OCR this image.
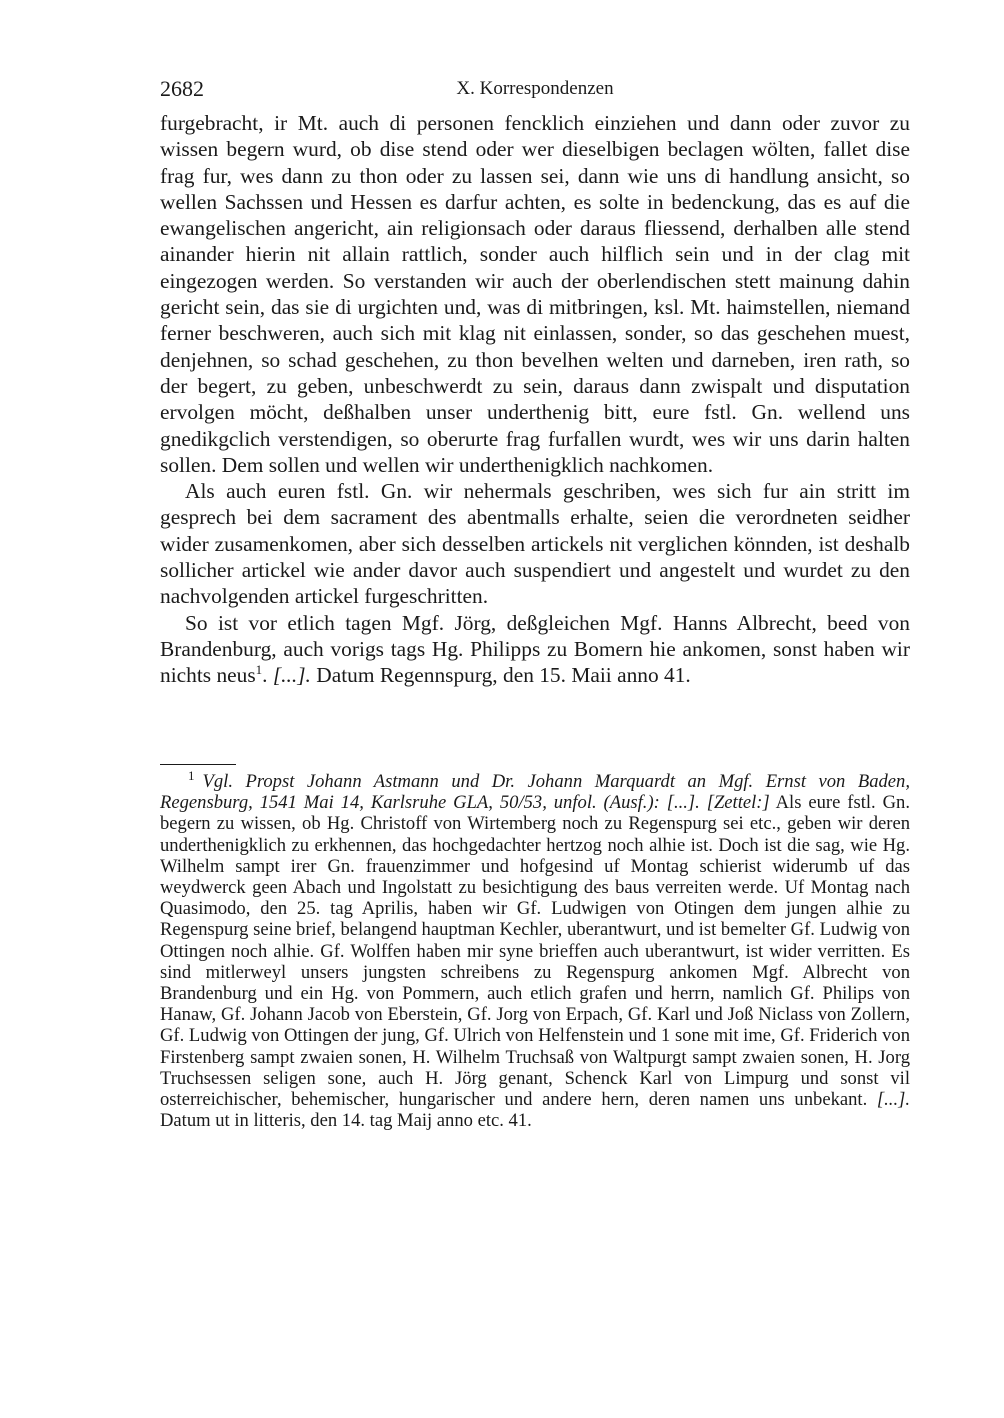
2682	X. Korrespondenzen

furgebracht, ir Mt. auch di personen fencklich einziehen und dann oder zuvor zu wissen begern wurd, ob dise stend oder wer dieselbigen beclagen wölten, fallet dise frag fur, wes dann zu thon oder zu lassen sei, dann wie uns di handlung ansicht, so wellen Sachssen und Hessen es darfur achten, es solte in bedenckung, das es auf die ewangelischen angericht, ain religionsach oder daraus fliessend, derhalben alle stend ainander hierin nit allain rattlich, sonder auch hilflich sein und in der clag mit eingezogen werden. So verstanden wir auch der oberlendischen stett mainung dahin gericht sein, das sie di urgichten und, was di mitbringen, ksl. Mt. haimstellen, niemand ferner beschweren, auch sich mit klag nit einlassen, sonder, so das geschehen muest, denjehnen, so schad geschehen, zu thon bevelhen welten und darneben, iren rath, so der begert, zu geben, unbeschwerdt zu sein, daraus dann zwispalt und disputation ervolgen möcht, deßhalben unser underthenig bitt, eure fstl. Gn. wellend uns gnedikgclich verstendigen, so oberurte frag furfallen wurdt, wes wir uns darin halten sollen. Dem sollen und wellen wir underthenigklich nachkomen.

Als auch euren fstl. Gn. wir nehermals geschriben, wes sich fur ain stritt im gesprech bei dem sacrament des abentmalls erhalte, seien die verordneten seidher wider zusamenkomen, aber sich desselben artickels nit verglichen könnden, ist deshalb sollicher artickel wie ander davor auch suspendiert und angestelt und wurdet zu den nachvolgenden artickel furgeschritten.

So ist vor etlich tagen Mgf. Jörg, deßgleichen Mgf. Hanns Albrecht, beed von Brandenburg, auch vorigs tags Hg. Philipps zu Bomern hie ankomen, sonst haben wir nichts neus$^1$. [...]. Datum Regennspurg, den 15. Maii anno 41.

$^1$ Vgl. Propst Johann Astmann und Dr. Johann Marquardt an Mgf. Ernst von Baden, Regensburg, 1541 Mai 14, Karlsruhe GLA, 50/53, unfol. (Ausf.): [...]. [Zettel:] Als eure fstl. Gn. begern zu wissen, ob Hg. Christoff von Wirtemberg noch zu Regenspurg sei etc., geben wir deren underthenigklich zu erkhennen, das hochgedachter hertzog noch alhie ist. Doch ist die sag, wie Hg. Wilhelm sampt irer Gn. frauenzimmer und hofgesind uf Montag schierist widerumb uf das weydwerck geen Abach und Ingolstatt zu besichtigung des baus verreiten werde. Uf Montag nach Quasimodo, den 25. tag Aprilis, haben wir Gf. Ludwigen von Otingen dem jungen alhie zu Regenspurg seine brief, belangend hauptman Kechler, uberantwurt, und ist bemelter Gf. Ludwig von Ottingen noch alhie. Gf. Wolffen haben mir syne brieffen auch uberantwurt, ist wider verritten. Es sind mitlerweyl unsers jungsten schreibens zu Regenspurg ankomen Mgf. Albrecht von Brandenburg und ein Hg. von Pommern, auch etlich grafen und herrn, namlich Gf. Philips von Hanaw, Gf. Johann Jacob von Eberstein, Gf. Jorg von Erpach, Gf. Karl und Joß Niclass von Zollern, Gf. Ludwig von Ottingen der jung, Gf. Ulrich von Helfenstein und 1 sone mit ime, Gf. Friderich von Firstenberg sampt zwaien sonen, H. Wilhelm Truchsaß von Waltpurgt sampt zwaien sonen, H. Jorg Truchsessen seligen sone, auch H. Jörg genant, Schenck Karl von Limpurg und sonst vil osterreichischer, behemischer, hungarischer und andere hern, deren namen uns unbekant. [...]. Datum ut in litteris, den 14. tag Maij anno etc. 41.
